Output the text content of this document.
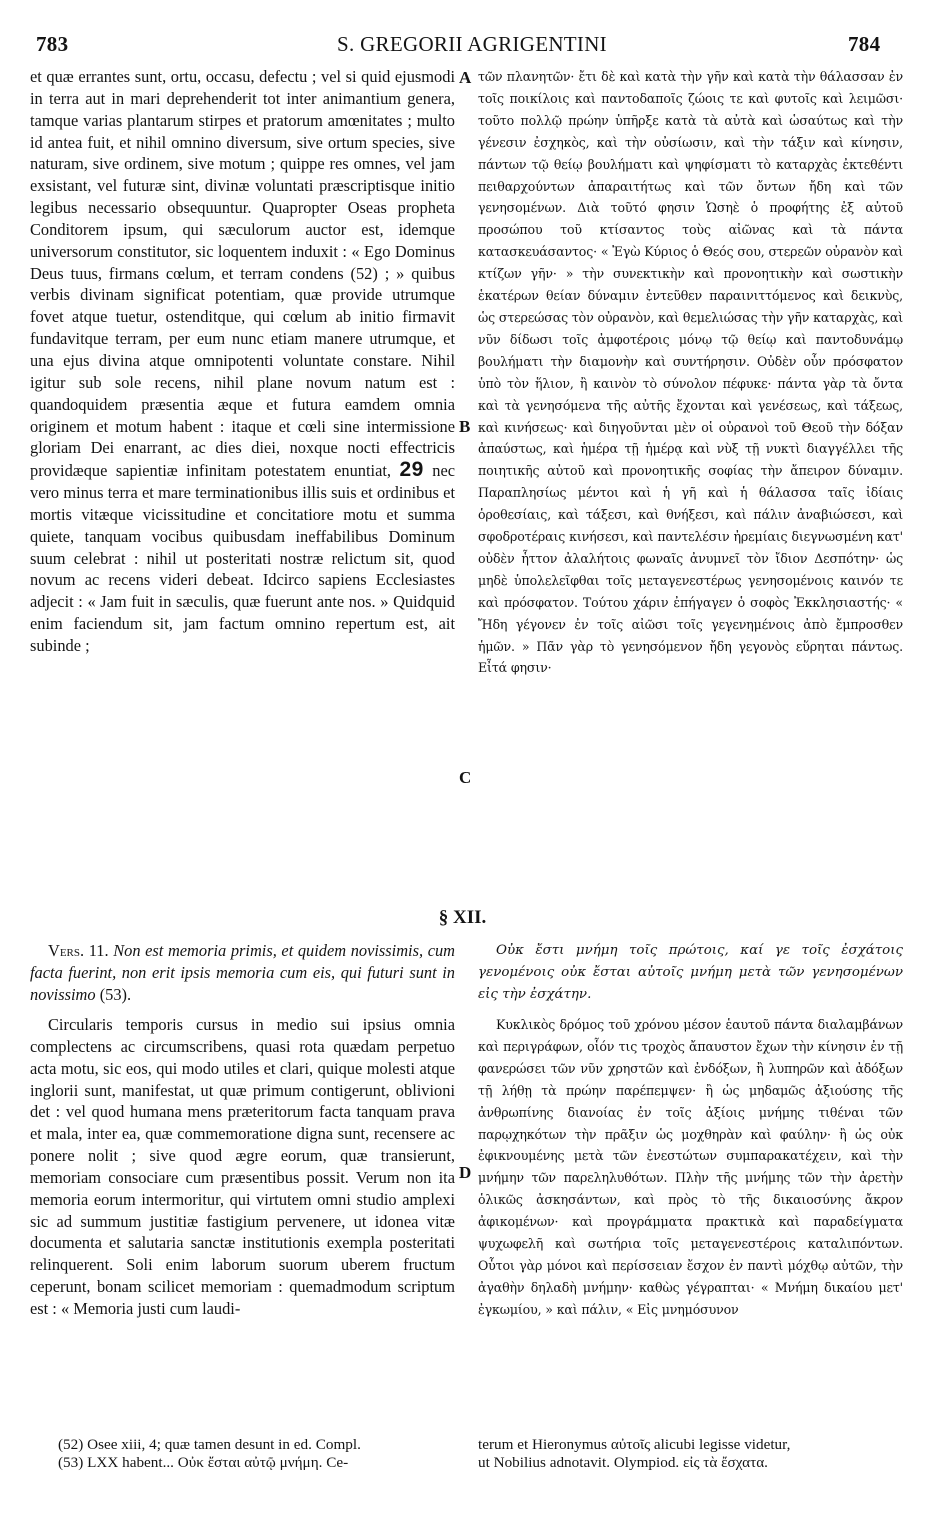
783	S. GREGORII AGRIGENTINI	784
A
B
C
D

et quæ errantes sunt, ortu, occasu, defectu ; vel si quid ejusmodi in terra aut in mari deprehenderit tot inter animantium genera, tamque varias plantarum stirpes et pratorum amœnitates ; multo id antea fuit, et nihil omnino diversum, sive ortum species, sive naturam, sive ordinem, sive motum ; quippe res omnes, vel jam exsistant, vel futuræ sint, divinæ voluntati præscriptisque initio legibus necessario obsequuntur. Quapropter Oseas propheta Conditorem ipsum, qui sæculorum auctor est, idemque universorum constitutor, sic loquentem induxit : « Ego Dominus Deus tuus, firmans cœlum, et terram condens (52) ; » quibus verbis divinam significat potentiam, quæ provide utrumque fovet atque tuetur, ostenditque, qui cœlum ab initio firmavit fundavitque terram, per eum nunc etiam manere utrumque, et una ejus divina atque omnipotenti voluntate constare. Nihil igitur sub sole recens, nihil plane novum natum est : quandoquidem præsentia æque et futura eamdem omnia originem et motum habent : itaque et cœli sine intermissione gloriam Dei enarrant, ac dies diei, noxque nocti effectricis providæque sapientiæ infinitam potestatem enuntiat, 29 nec vero minus terra et mare terminationibus illis suis et ordinibus et mortis vitæque vicissitudine et concitatiore motu et summa quiete, tanquam vocibus quibusdam ineffabilibus Dominum suum celebrat : nihil ut posteritati nostræ relictum sit, quod novum ac recens videri debeat. Idcirco sapiens Ecclesiastes adjecit : « Jam fuit in sæculis, quæ fuerunt ante nos. » Quidquid enim faciendum sit, jam factum omnino repertum est, ait subinde ;

τῶν πλανητῶν· ἔτι δὲ καὶ κατὰ τὴν γῆν καὶ κατὰ τὴν θάλασσαν ἐν τοῖς ποικίλοις καὶ παντοδαποῖς ζώοις τε καὶ φυτοῖς καὶ λειμῶσι· τοῦτο πολλῷ πρώην ὑπῆρξε κατὰ τὰ αὐτὰ καὶ ὡσαύτως καὶ τὴν γένεσιν ἐσχηκὸς, καὶ τὴν οὐσίωσιν, καὶ τὴν τάξιν καὶ κίνησιν, πάντων τῷ θείῳ βουλήματι καὶ ψηφίσματι τὸ καταρχὰς ἐκτεθέντι πειθαρχούντων ἀπαραιτήτως καὶ τῶν ὄντων ἤδη καὶ τῶν γενησομένων. Διὰ τοῦτό φησιν Ὡσηὲ ὁ προφήτης ἐξ αὐτοῦ προσώπου τοῦ κτίσαντος τοὺς αἰῶνας καὶ τὰ πάντα κατασκευάσαντος· « Ἐγὼ Κύριος ὁ Θεός σου, στερεῶν οὐρανὸν καὶ κτίζων γῆν· » τὴν συνεκτικὴν καὶ προνοητικὴν καὶ σωστικὴν ἑκατέρων θείαν δύναμιν ἐντεῦθεν παραινιττόμενος καὶ δεικνὺς, ὡς στερεώσας τὸν οὐρανὸν, καὶ θεμελιώσας τὴν γῆν καταρχὰς, καὶ νῦν δίδωσι τοῖς ἀμφοτέροις μόνῳ τῷ θείῳ καὶ παντοδυνάμῳ βουλήματι τὴν διαμονὴν καὶ συντήρησιν. Οὐδὲν οὖν πρόσφατον ὑπὸ τὸν ἥλιον, ἢ καινὸν τὸ σύνολον πέφυκε· πάντα γὰρ τὰ ὄντα καὶ τὰ γενησόμενα τῆς αὐτῆς ἔχονται καὶ γενέσεως, καὶ τάξεως, καὶ κινήσεως· καὶ διηγοῦνται μὲν οἱ οὐρανοὶ τοῦ Θεοῦ τὴν δόξαν ἀπαύστως, καὶ ἡμέρα τῇ ἡμέρᾳ καὶ νὺξ τῇ νυκτὶ διαγγέλλει τῆς ποιητικῆς αὐτοῦ καὶ προνοητικῆς σοφίας τὴν ἄπειρον δύναμιν. Παραπλησίως μέντοι καὶ ἡ γῆ καὶ ἡ θάλασσα ταῖς ἰδίαις ὁροθεσίαις, καὶ τάξεσι, καὶ θνήξεσι, καὶ πάλιν ἀναβιώσεσι, καὶ σφοδροτέραις κινήσεσι, καὶ παντελέσιν ἠρεμίαις διεγνωσμένη κατ' οὐδὲν ἧττον ἀλαλήτοις φωναῖς ἀνυμνεῖ τὸν ἴδιον Δεσπότην· ὡς μηδὲ ὑπολελεῖφθαι τοῖς μεταγενεστέρως γενησομένοις καινόν τε καὶ πρόσφατον. Τούτου χάριν ἐπήγαγεν ὁ σοφὸς Ἐκκλησιαστής· « Ἤδη γέγονεν ἐν τοῖς αἰῶσι τοῖς γεγενημένοις ἀπὸ ἔμπροσθεν ἡμῶν. » Πᾶν γὰρ τὸ γενησόμενον ἤδη γεγονὸς εὕρηται πάντως. Εἶτά φησιν·

§ XII.

Vers. 11. Non est memoria primis, et quidem novissimis, cum facta fuerint, non erit ipsis memoria cum eis, qui futuri sunt in novissimo (53).

Οὐκ ἔστι μνήμη τοῖς πρώτοις, καί γε τοῖς ἐσχάτοις γενομένοις οὐκ ἔσται αὐτοῖς μνήμη μετὰ τῶν γενησομένων εἰς τὴν ἐσχάτην.

Circularis temporis cursus in medio sui ipsius omnia complectens ac circumscribens, quasi rota quædam perpetuo acta motu, sic eos, qui modo utiles et clari, quique molesti atque inglorii sunt, manifestat, ut quæ primum contigerunt, oblivioni det : vel quod humana mens præteritorum facta tanquam prava et mala, inter ea, quæ commemoratione digna sunt, recensere ac ponere nolit ; sive quod ægre eorum, quæ transierunt, memoriam consociare cum præsentibus possit. Verum non ita memoria eorum intermoritur, qui virtutem omni studio amplexi sic ad summum justitiæ fastigium pervenere, ut idonea vitæ documenta et salutaria sanctæ institutionis exempla posteritati relinquerent. Soli enim laborum suorum uberem fructum ceperunt, bonam scilicet memoriam : quemadmodum scriptum est : « Memoria justi cum laudi-

Κυκλικὸς δρόμος τοῦ χρόνου μέσον ἑαυτοῦ πάντα διαλαμβάνων καὶ περιγράφων, οἷόν τις τροχὸς ἄπαυστον ἔχων τὴν κίνησιν ἐν τῇ φανερώσει τῶν νῦν χρηστῶν καὶ ἐνδόξων, ἢ λυπηρῶν καὶ ἀδόξων τῇ λήθῃ τὰ πρώην παρέπεμψεν· ἢ ὡς μηδαμῶς ἀξιούσης τῆς ἀνθρωπίνης διανοίας ἐν τοῖς ἀξίοις μνήμης τιθέναι τῶν παρῳχηκότων τὴν πρᾶξιν ὡς μοχθηρὰν καὶ φαύλην· ἢ ὡς οὐκ ἐφικνουμένης μετὰ τῶν ἐνεστώτων συμπαρακατέχειν, καὶ τὴν μνήμην τῶν παρεληλυθότων. Πλὴν τῆς μνήμης τῶν τὴν ἀρετὴν ὁλικῶς ἀσκησάντων, καὶ πρὸς τὸ τῆς δικαιοσύνης ἄκρον ἀφικομένων· καὶ προγράμματα πρακτικὰ καὶ παραδείγματα ψυχωφελῆ καὶ σωτήρια τοῖς μεταγενεστέροις καταλιπόντων. Οὗτοι γὰρ μόνοι καὶ περίσσειαν ἔσχον ἐν παντὶ μόχθῳ αὐτῶν, τὴν ἀγαθὴν δηλαδὴ μνήμην· καθὼς γέγραπται· « Μνήμη δικαίου μετ' ἐγκωμίου, » καὶ πάλιν, « Εἰς μνημόσυνον

(52) Osee xiii, 4; quæ tamen desunt in ed. Compl.
(53) LXX habent... Οὐκ ἔσται αὐτῷ μνήμη. Ce-
terum et Hieronymus αὐτοῖς alicubi legisse videtur,
ut Nobilius adnotavit. Olympiod. εἰς τὰ ἔσχατα.
